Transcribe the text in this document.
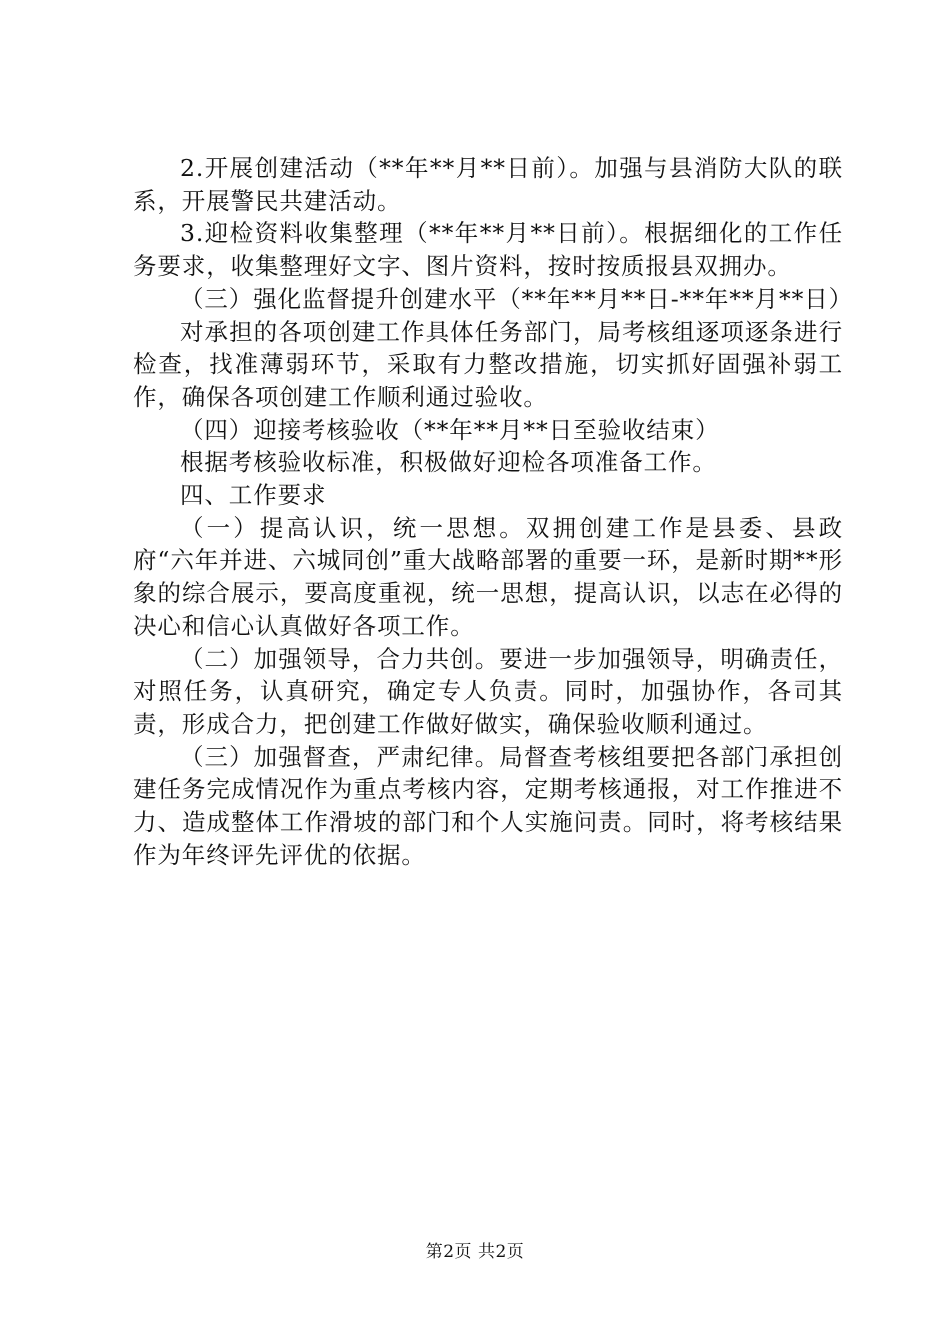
2.开展创建活动（**年**月**日前）。加强与县消防大队的联系，开展警民共建活动。

3.迎检资料收集整理（**年**月**日前）。根据细化的工作任务要求，收集整理好文字、图片资料，按时按质报县双拥办。

（三）强化监督提升创建水平（**年**月**日-**年**月**日）

对承担的各项创建工作具体任务部门，局考核组逐项逐条进行检查，找准薄弱环节，采取有力整改措施，切实抓好固强补弱工作，确保各项创建工作顺利通过验收。

（四）迎接考核验收（**年**月**日至验收结束）

根据考核验收标准，积极做好迎检各项准备工作。

四、工作要求

（一）提高认识，统一思想。双拥创建工作是县委、县政府“六年并进、六城同创”重大战略部署的重要一环，是新时期**形象的综合展示，要高度重视，统一思想，提高认识，以志在必得的决心和信心认真做好各项工作。

（二）加强领导，合力共创。要进一步加强领导，明确责任，对照任务，认真研究，确定专人负责。同时，加强协作，各司其责，形成合力，把创建工作做好做实，确保验收顺利通过。

（三）加强督查，严肃纪律。局督查考核组要把各部门承担创建任务完成情况作为重点考核内容，定期考核通报，对工作推进不力、造成整体工作滑坡的部门和个人实施问责。同时，将考核结果作为年终评先评优的依据。

第2页 共2页
